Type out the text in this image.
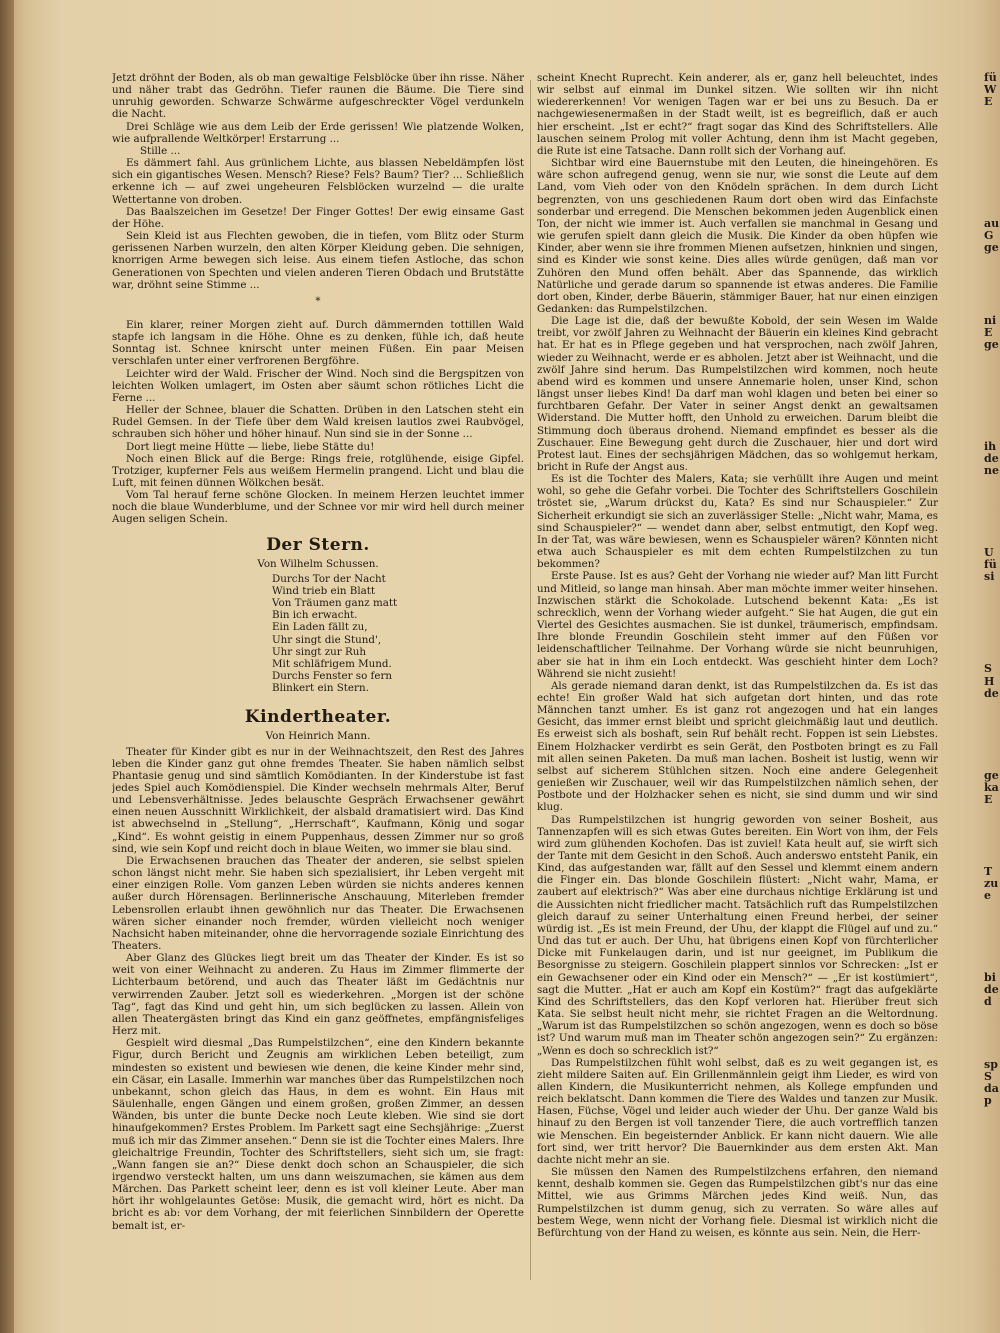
Jetzt dröhnt der Boden, als ob man gewaltige Felsblöcke über ihn risse. Näher und näher trabt das Gedröhn. Tiefer raunen die Bäume. Die Tiere sind unruhig geworden. Schwarze Schwärme aufgeschreckter Vögel verdunkeln die Nacht.

Drei Schläge wie aus dem Leib der Erde gerissen! Wie platzende Wolken, wie aufprallende Weltkörper! Erstarrung ...

Stille ...

Es dämmert fahl. Aus grünlichem Lichte, aus blassen Nebeldämpfen löst sich ein gigantisches Wesen. Mensch? Riese? Fels? Baum? Tier? ... Schließlich erkenne ich — auf zwei ungeheuren Felsblöcken wurzelnd — die uralte Wettertanne von droben.

Das Baalszeichen im Gesetze! Der Finger Gottes! Der ewig einsame Gast der Höhe.

Sein Kleid ist aus Flechten gewoben, die in tiefen, vom Blitz oder Sturm gerissenen Narben wurzeln, den alten Körper Kleidung geben. Die sehnigen, knorrigen Arme bewegen sich leise. Aus einem tiefen Astloche, das schon Generationen von Spechten und vielen anderen Tieren Obdach und Brutstätte war, dröhnt seine Stimme ...

*

Ein klarer, reiner Morgen zieht auf. Durch dämmernden tottillen Wald stapfe ich langsam in die Höhe. Ohne es zu denken, fühle ich, daß heute Sonntag ist. Schnee knirscht unter meinen Füßen. Ein paar Meisen verschlafen unter einer verfrorenen Bergföhre.

Leichter wird der Wald. Frischer der Wind. Noch sind die Bergspitzen von leichten Wolken umlagert, im Osten aber säumt schon rötliches Licht die Ferne ...

Heller der Schnee, blauer die Schatten. Drüben in den Latschen steht ein Rudel Gemsen. In der Tiefe über dem Wald kreisen lautlos zwei Raubvögel, schrauben sich höher und höher hinauf. Nun sind sie in der Sonne ...

Dort liegt meine Hütte — liebe, liebe Stätte du!

Noch einen Blick auf die Berge: Rings freie, rotglühende, eisige Gipfel. Trotziger, kupferner Fels aus weißem Hermelin prangend. Licht und blau die Luft, mit feinen dünnen Wölkchen besät.

Vom Tal herauf ferne schöne Glocken. In meinem Herzen leuchtet immer noch die blaue Wunderblume, und der Schnee vor mir wird hell durch meiner Augen seligen Schein.

Der Stern.
Von Wilhelm Schussen.
Durchs Tor der Nacht
Wind trieb ein Blatt
Von Träumen ganz matt
Bin ich erwacht.
Ein Laden fällt zu,
Uhr singt die Stund',
Uhr singt zur Ruh
Mit schläfrigem Mund.
Durchs Fenster so fern
Blinkert ein Stern.
Kindertheater.
Von Heinrich Mann.

Theater für Kinder gibt es nur in der Weihnachtszeit, den Rest des Jahres leben die Kinder ganz gut ohne fremdes Theater. Sie haben nämlich selbst Phantasie genug und sind sämtlich Komödianten. In der Kinderstube ist fast jedes Spiel auch Komödienspiel. Die Kinder wechseln mehrmals Alter, Beruf und Lebensverhältnisse. Jedes belauschte Gespräch Erwachsener gewährt einen neuen Ausschnitt Wirklichkeit, der alsbald dramatisiert wird. Das Kind ist abwechselnd in „Stellung“, „Herrschaft“, Kaufmann, König und sogar „Kind“. Es wohnt geistig in einem Puppenhaus, dessen Zimmer nur so groß sind, wie sein Kopf und reicht doch in blaue Weiten, wo immer sie blau sind.

Die Erwachsenen brauchen das Theater der anderen, sie selbst spielen schon längst nicht mehr. Sie haben sich spezialisiert, ihr Leben vergeht mit einer einzigen Rolle. Vom ganzen Leben würden sie nichts anderes kennen außer durch Hörensagen. Berlinnerische Anschauung, Miterleben fremder Lebensrollen erlaubt ihnen gewöhnlich nur das Theater. Die Erwachsenen wären sicher einander noch fremder, würden vielleicht noch weniger Nachsicht haben miteinander, ohne die hervorragende soziale Einrichtung des Theaters.

Aber Glanz des Glückes liegt breit um das Theater der Kinder. Es ist so weit von einer Weihnacht zu anderen. Zu Haus im Zimmer flimmerte der Lichterbaum betörend, und auch das Theater läßt im Gedächtnis nur verwirrenden Zauber. Jetzt soll es wiederkehren. „Morgen ist der schöne Tag“, fagt das Kind und geht hin, um sich beglücken zu lassen. Allein von allen Theatergästen bringt das Kind ein ganz geöffnetes, empfängnisfeliges Herz mit.

Gespielt wird diesmal „Das Rumpelstilzchen“, eine den Kindern bekannte Figur, durch Bericht und Zeugnis am wirklichen Leben beteiligt, zum mindesten so existent und bewiesen wie denen, die keine Kinder mehr sind, ein Cäsar, ein Lasalle. Immerhin war manches über das Rumpelstilzchen noch unbekannt, schon gleich das Haus, in dem es wohnt. Ein Haus mit Säulenhalle, engen Gängen und einem großen, großen Zimmer, an dessen Wänden, bis unter die bunte Decke noch Leute kleben. Wie sind sie dort hinaufgekommen? Erstes Problem. Im Parkett sagt eine Sechsjährige: „Zuerst muß ich mir das Zimmer ansehen.“ Denn sie ist die Tochter eines Malers. Ihre gleichaltrige Freundin, Tochter des Schriftstellers, sieht sich um, sie fragt: „Wann fangen sie an?“ Diese denkt doch schon an Schauspieler, die sich irgendwo versteckt halten, um uns dann weiszumachen, sie kämen aus dem Märchen. Das Parkett scheint leer, denn es ist voll kleiner Leute. Aber man hört ihr wohlgelauntes Getöse: Musik, die gemacht wird, hört es nicht. Da bricht es ab: vor dem Vorhang, der mit feierlichen Sinnbildern der Operette bemalt ist, er-

scheint Knecht Ruprecht. Kein anderer, als er, ganz hell beleuchtet, indes wir selbst auf einmal im Dunkel sitzen. Wie sollten wir ihn nicht wiedererkennen! Vor wenigen Tagen war er bei uns zu Besuch. Da er nachgewiesenermaßen in der Stadt weilt, ist es begreiflich, daß er auch hier erscheint. „Ist er echt?“ fragt sogar das Kind des Schriftstellers. Alle lauschen seinem Prolog mit voller Achtung, denn ihm ist Macht gegeben, die Rute ist eine Tatsache. Dann rollt sich der Vorhang auf.

Sichtbar wird eine Bauernstube mit den Leuten, die hineingehören. Es wäre schon aufregend genug, wenn sie nur, wie sonst die Leute auf dem Land, vom Vieh oder von den Knödeln sprächen. In dem durch Licht begrenzten, von uns geschiedenen Raum dort oben wird das Einfachste sonderbar und erregend. Die Menschen bekommen jeden Augenblick einen Ton, der nicht wie immer ist. Auch verfallen sie manchmal in Gesang und wie gerufen spielt dann gleich die Musik. Die Kinder da oben hüpfen wie Kinder, aber wenn sie ihre frommen Mienen aufsetzen, hinknien und singen, sind es Kinder wie sonst keine. Dies alles würde genügen, daß man vor Zuhören den Mund offen behält. Aber das Spannende, das wirklich Natürliche und gerade darum so spannende ist etwas anderes. Die Familie dort oben, Kinder, derbe Bäuerin, stämmiger Bauer, hat nur einen einzigen Gedanken: das Rumpelstilzchen.

Die Lage ist die, daß der bewußte Kobold, der sein Wesen im Walde treibt, vor zwölf Jahren zu Weihnacht der Bäuerin ein kleines Kind gebracht hat. Er hat es in Pflege gegeben und hat versprochen, nach zwölf Jahren, wieder zu Weihnacht, werde er es abholen. Jetzt aber ist Weihnacht, und die zwölf Jahre sind herum. Das Rumpelstilzchen wird kommen, noch heute abend wird es kommen und unsere Annemarie holen, unser Kind, schon längst unser liebes Kind! Da darf man wohl klagen und beten bei einer so furchtbaren Gefahr. Der Vater in seiner Angst denkt an gewaltsamen Widerstand. Die Mutter hofft, den Unhold zu erweichen. Darum bleibt die Stimmung doch überaus drohend. Niemand empfindet es besser als die Zuschauer. Eine Bewegung geht durch die Zuschauer, hier und dort wird Protest laut. Eines der sechsjährigen Mädchen, das so wohlgemut herkam, bricht in Rufe der Angst aus.

Es ist die Tochter des Malers, Kata; sie verhüllt ihre Augen und meint wohl, so gehe die Gefahr vorbei. Die Tochter des Schriftstellers Goschilein tröstet sie, „Warum drückst du, Kata? Es sind nur Schauspieler.“ Zur Sicherheit erkundigt sie sich an zuverlässiger Stelle: „Nicht wahr, Mama, es sind Schauspieler?“ — wendet dann aber, selbst entmutigt, den Kopf weg. In der Tat, was wäre bewiesen, wenn es Schauspieler wären? Könnten nicht etwa auch Schauspieler es mit dem echten Rumpelstilzchen zu tun bekommen?

Erste Pause. Ist es aus? Geht der Vorhang nie wieder auf? Man litt Furcht und Mitleid, so lange man hinsah. Aber man möchte immer weiter hinsehen. Inzwischen stärkt die Schokolade. Lutschend bekennt Kata: „Es ist schrecklich, wenn der Vorhang wieder aufgeht.“ Sie hat Augen, die gut ein Viertel des Gesichtes ausmachen. Sie ist dunkel, träumerisch, empfindsam. Ihre blonde Freundin Goschilein steht immer auf den Füßen vor leidenschaftlicher Teilnahme. Der Vorhang würde sie nicht beunruhigen, aber sie hat in ihm ein Loch entdeckt. Was geschieht hinter dem Loch? Während sie nicht zusieht!

Als gerade niemand daran denkt, ist das Rumpelstilzchen da. Es ist das echte! Ein großer Wald hat sich aufgetan dort hinten, und das rote Männchen tanzt umher. Es ist ganz rot angezogen und hat ein langes Gesicht, das immer ernst bleibt und spricht gleichmäßig laut und deutlich. Es erweist sich als boshaft, sein Ruf behält recht. Foppen ist sein Liebstes. Einem Holzhacker verdirbt es sein Gerät, den Postboten bringt es zu Fall mit allen seinen Paketen. Da muß man lachen. Bosheit ist lustig, wenn wir selbst auf sicherem Stühlchen sitzen. Noch eine andere Gelegenheit genießen wir Zuschauer, weil wir das Rumpelstilzchen nämlich sehen, der Postbote und der Holzhacker sehen es nicht, sie sind dumm und wir sind klug.

Das Rumpelstilzchen ist hungrig geworden von seiner Bosheit, aus Tannenzapfen will es sich etwas Gutes bereiten. Ein Wort von ihm, der Fels wird zum glühenden Kochofen. Das ist zuviel! Kata heult auf, sie wirft sich der Tante mit dem Gesicht in den Schoß. Auch anderswo entsteht Panik, ein Kind, das aufgestanden war, fällt auf den Sessel und klemmt einem andern die Finger ein. Das blonde Goschilein flüstert: „Nicht wahr, Mama, er zaubert auf elektrisch?“ Was aber eine durchaus nichtige Erklärung ist und die Aussichten nicht friedlicher macht. Tatsächlich ruft das Rumpelstilzchen gleich darauf zu seiner Unterhaltung einen Freund herbei, der seiner würdig ist. „Es ist mein Freund, der Uhu, der klappt die Flügel auf und zu.“ Und das tut er auch. Der Uhu, hat übrigens einen Kopf von fürchterlicher Dicke mit Funkelaugen darin, und ist nur geeignet, im Publikum die Besorgnisse zu steigern. Goschilein plappert sinnlos vor Schrecken: „Ist er ein Gewachsener oder ein Kind oder ein Mensch?“ — „Er ist kostümiert“, sagt die Mutter. „Hat er auch am Kopf ein Kostüm?“ fragt das aufgeklärte Kind des Schriftstellers, das den Kopf verloren hat. Hierüber freut sich Kata. Sie selbst heult nicht mehr, sie richtet Fragen an die Weltordnung. „Warum ist das Rumpelstilzchen so schön angezogen, wenn es doch so böse ist? Und warum muß man im Theater schön angezogen sein?“ Zu ergänzen: „Wenn es doch so schrecklich ist?“

Das Rumpelstilzchen fühlt wohl selbst, daß es zu weit gegangen ist, es zieht mildere Saiten auf. Ein Grillenmännlein geigt ihm Lieder, es wird von allen Kindern, die Musikunterricht nehmen, als Kollege empfunden und reich beklatscht. Dann kommen die Tiere des Waldes und tanzen zur Musik. Hasen, Füchse, Vögel und leider auch wieder der Uhu. Der ganze Wald bis hinauf zu den Bergen ist voll tanzender Tiere, die auch vortrefflich tanzen wie Menschen. Ein begeisternder Anblick. Er kann nicht dauern. Wie alle fort sind, wer tritt hervor? Die Bauernkinder aus dem ersten Akt. Man dachte nicht mehr an sie.

Sie müssen den Namen des Rumpelstilzchens erfahren, den niemand kennt, deshalb kommen sie. Gegen das Rumpelstilzchen gibt's nur das eine Mittel, wie aus Grimms Märchen jedes Kind weiß. Nun, das Rumpelstilzchen ist dumm genug, sich zu verraten. So wäre alles auf bestem Wege, wenn nicht der Vorhang fiele. Diesmal ist wirklich nicht die Befürchtung von der Hand zu weisen, es könnte aus sein. Nein, die Herr-

fü
W
E
au
G
ge
ni
E
ge
ih
de
ne
U
fü
si
S
H
de
ge
ka
E
T
zu
e
bi
de
d
sp
S
da
p
